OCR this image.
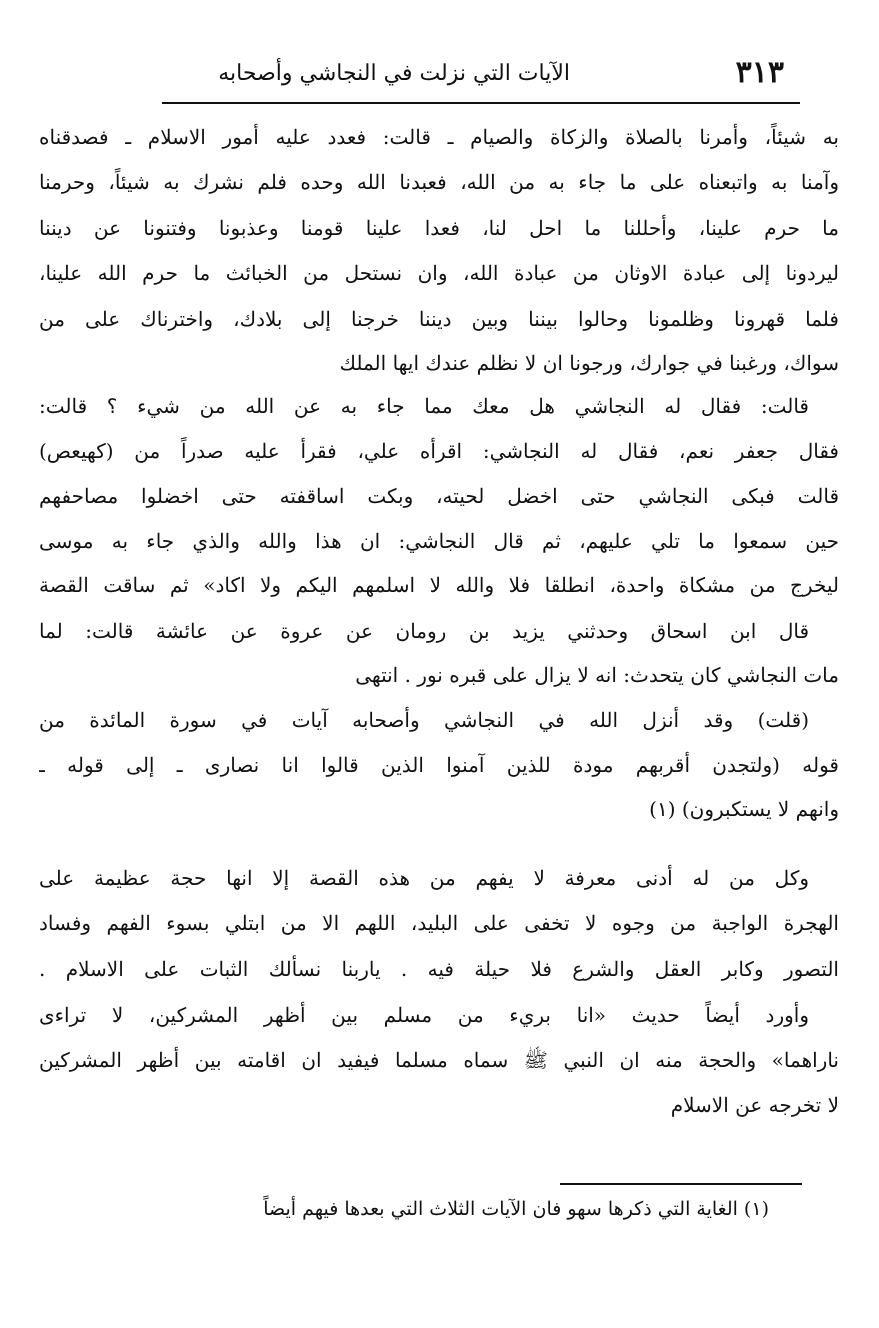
٣١٣
الآيات التي نزلت في النجاشي وأصحابه
به شيئاً، وأمرنا بالصلاة والزكاة والصيام ـ قالت: فعدد عليه أمور الاسلام ـ فصدقناه
وآمنا به واتبعناه على ما جاء به من الله، فعبدنا الله وحده فلم نشرك به شيئاً، وحرمنا
ما حرم علينا، وأحللنا ما احل لنا، فعدا علينا قومنا وعذبونا وفتنونا عن ديننا
ليردونا إلى عبادة الاوثان من عبادة الله، وان نستحل من الخبائث ما حرم الله علينا،
فلما قهرونا وظلمونا وحالوا بيننا وبين ديننا خرجنا إلى بلادك، واخترناك على من
سواك، ورغبنا في جوارك، ورجونا ان لا نظلم عندك ايها الملك
قالت: فقال له النجاشي هل معك مما جاء به عن الله من شيء ؟ قالت:
فقال جعفر نعم، فقال له النجاشي: اقرأه علي، فقرأ عليه صدراً من (كهيعص)
قالت فبكى النجاشي حتى اخضل لحيته، وبكت اساقفته حتى اخضلوا مصاحفهم
حين سمعوا ما تلي عليهم، ثم قال النجاشي: ان هذا والله والذي جاء به موسى
ليخرج من مشكاة واحدة، انطلقا فلا والله لا اسلمهم اليكم ولا اكاد» ثم ساقت القصة
قال ابن اسحاق وحدثني يزيد بن رومان عن عروة عن عائشة قالت: لما
مات النجاشي كان يتحدث: انه لا يزال على قبره نور . انتهى
(قلت) وقد أنزل الله في النجاشي وأصحابه آيات في سورة المائدة من
قوله (ولتجدن أقربهم مودة للذين آمنوا الذين قالوا انا نصارى ـ إلى قوله ـ
وانهم لا يستكبرون) (١)
وكل من له أدنى معرفة لا يفهم من هذه القصة إلا انها حجة عظيمة على
الهجرة الواجبة من وجوه لا تخفى على البليد، اللهم الا من ابتلي بسوء الفهم وفساد
التصور وكابر العقل والشرع فلا حيلة فيه . ياربنا نسألك الثبات على الاسلام .
وأورد أيضاً حديث «انا بريء من مسلم بين أظهر المشركين، لا تراءى
ناراهما» والحجة منه ان النبي ﷺ سماه مسلما فيفيد ان اقامته بين أظهر المشركين
لا تخرجه عن الاسلام
(١) الغاية التي ذكرها سهو فان الآيات الثلاث التي بعدها فيهم أيضاً
